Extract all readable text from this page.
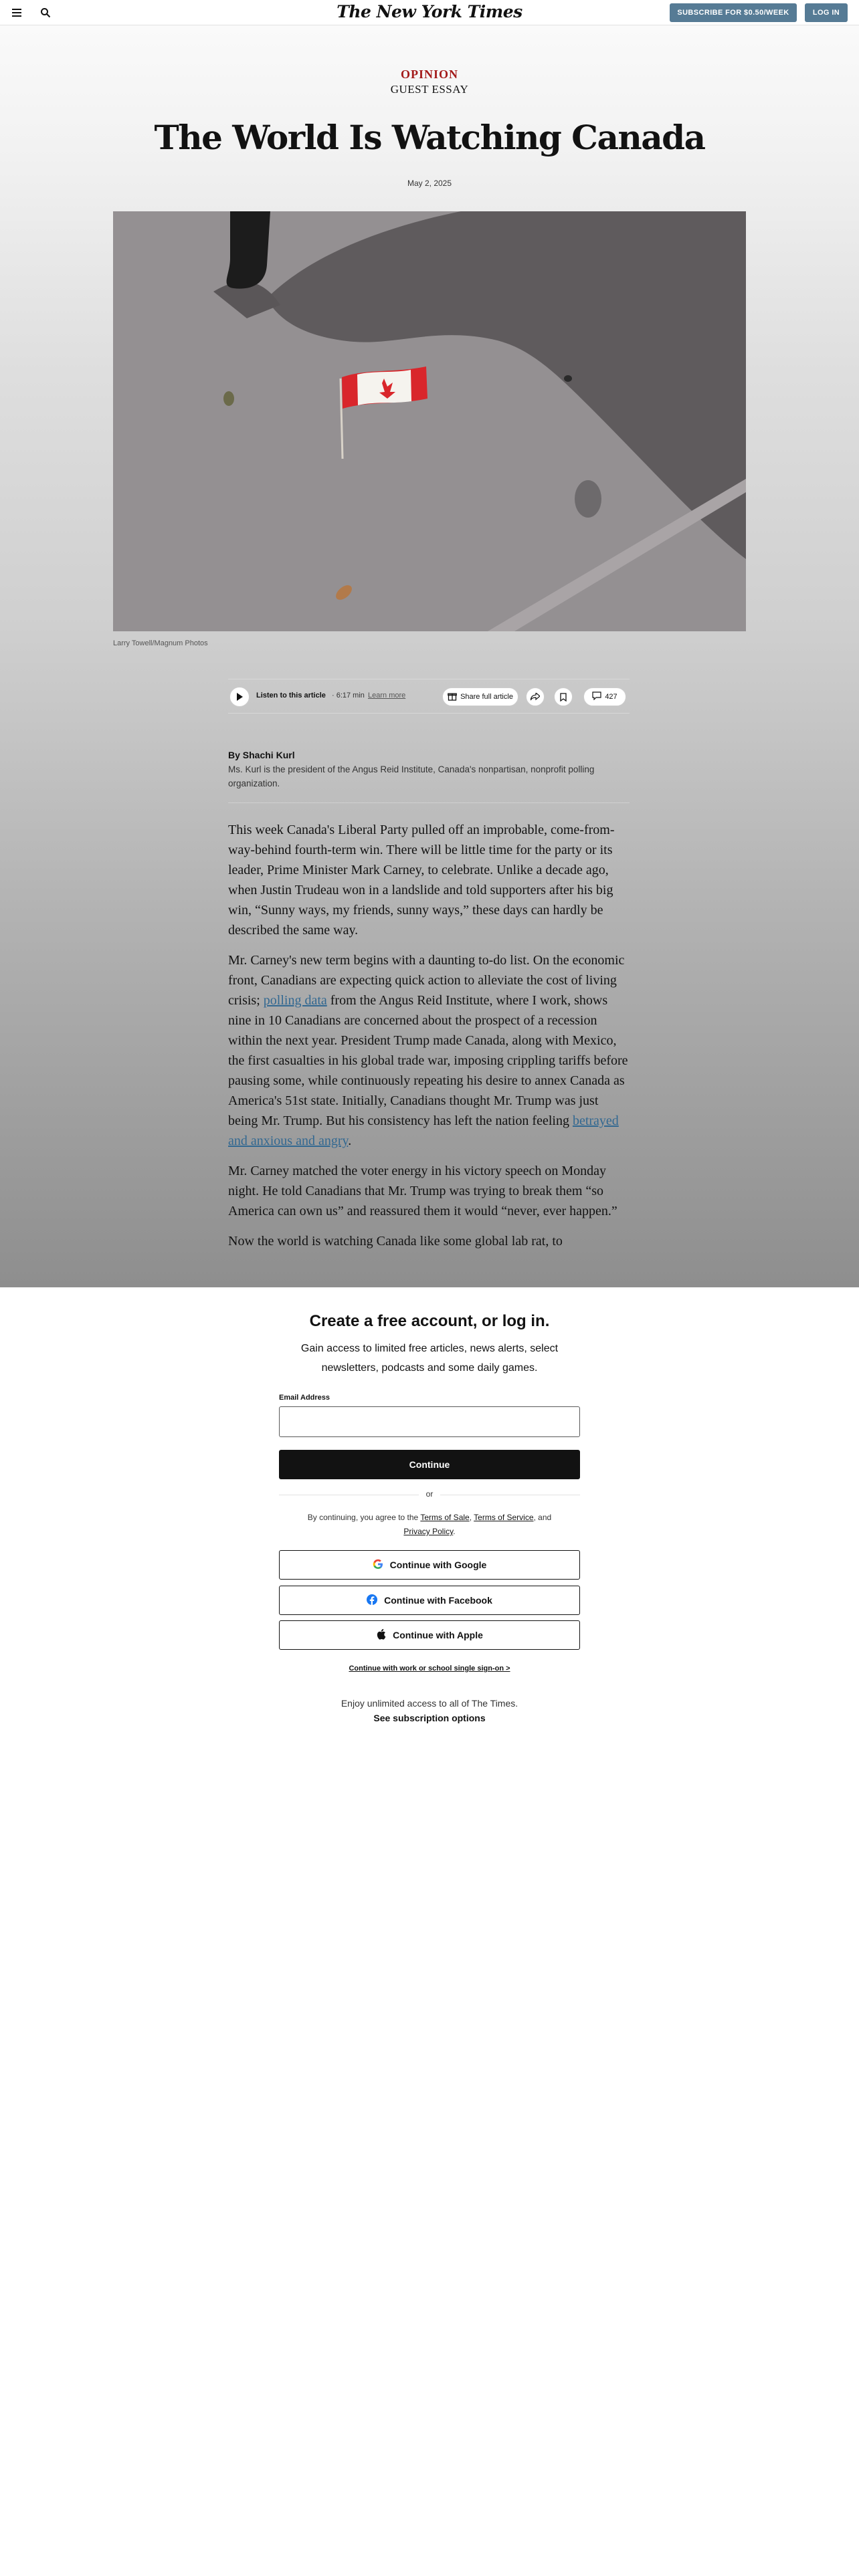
The New York Times	SUBSCRIBE FOR $0.50/WEEK	LOG IN
OPINION
GUEST ESSAY
The World Is Watching Canada
May 2, 2025
Larry Towell/Magnum Photos
Listen to this article · 6:17 min Learn more	Share full article	427
By Shachi Kurl
Ms. Kurl is the president of the Angus Reid Institute, Canada's nonpartisan, nonprofit polling organization.

This week Canada's Liberal Party pulled off an improbable, come-from-way-behind fourth-term win. There will be little time for the party or its leader, Prime Minister Mark Carney, to celebrate. Unlike a decade ago, when Justin Trudeau won in a landslide and told supporters after his big win, “Sunny ways, my friends, sunny ways,” these days can hardly be described the same way.

Mr. Carney's new term begins with a daunting to-do list. On the economic front, Canadians are expecting quick action to alleviate the cost of living crisis; polling data from the Angus Reid Institute, where I work, shows nine in 10 Canadians are concerned about the prospect of a recession within the next year. President Trump made Canada, along with Mexico, the first casualties in his global trade war, imposing crippling tariffs before pausing some, while continuously repeating his desire to annex Canada as America's 51st state. Initially, Canadians thought Mr. Trump was just being Mr. Trump. But his consistency has left the nation feeling betrayed and anxious and angry.

Mr. Carney matched the voter energy in his victory speech on Monday night. He told Canadians that Mr. Trump was trying to break them “so America can own us” and reassured them it would “never, ever happen.”

Now the world is watching Canada like some global lab rat, to

Create a free account, or log in.
Gain access to limited free articles, news alerts, select newsletters, podcasts and some daily games.
Email Address
Continue
or
By continuing, you agree to the Terms of Sale, Terms of Service, and
Privacy Policy.
Continue with Google
Continue with Facebook
Continue with Apple
Continue with work or school single sign-on >
Enjoy unlimited access to all of The Times.
See subscription options
